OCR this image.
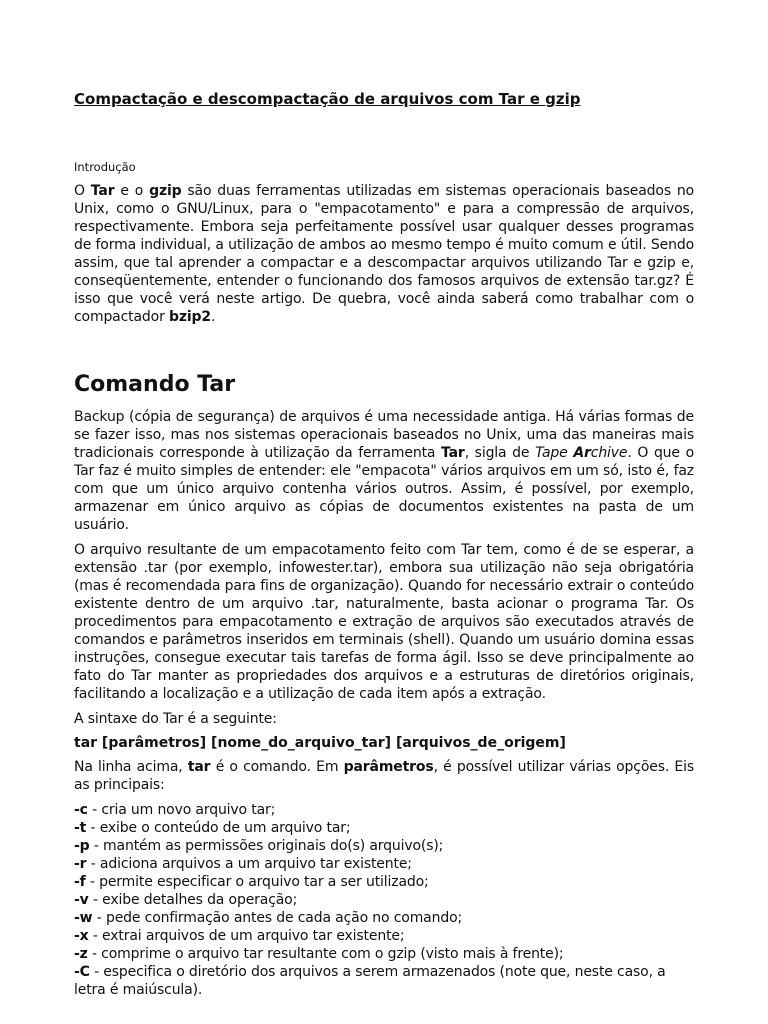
Compactação e descompactação de arquivos com Tar e gzip
Introdução

O Tar e o gzip são duas ferramentas utilizadas em sistemas operacionais baseados no Unix, como o GNU/Linux, para o "empacotamento" e para a compressão de arquivos, respectivamente. Embora seja perfeitamente possível usar qualquer desses programas de forma individual, a utilização de ambos ao mesmo tempo é muito comum e útil. Sendo assim, que tal aprender a compactar e a descompactar arquivos utilizando Tar e gzip e, conseqüentemente, entender o funcionando dos famosos arquivos de extensão tar.gz? É isso que você verá neste artigo. De quebra, você ainda saberá como trabalhar com o compactador bzip2.

Comando Tar

Backup (cópia de segurança) de arquivos é uma necessidade antiga. Há várias formas de se fazer isso, mas nos sistemas operacionais baseados no Unix, uma das maneiras mais tradicionais corresponde à utilização da ferramenta Tar, sigla de Tape Archive. O que o Tar faz é muito simples de entender: ele "empacota" vários arquivos em um só, isto é, faz com que um único arquivo contenha vários outros. Assim, é possível, por exemplo, armazenar em único arquivo as cópias de documentos existentes na pasta de um usuário.

O arquivo resultante de um empacotamento feito com Tar tem, como é de se esperar, a extensão .tar (por exemplo, infowester.tar), embora sua utilização não seja obrigatória (mas é recomendada para fins de organização). Quando for necessário extrair o conteúdo existente dentro de um arquivo .tar, naturalmente, basta acionar o programa Tar. Os procedimentos para empacotamento e extração de arquivos são executados através de comandos e parâmetros inseridos em terminais (shell). Quando um usuário domina essas instruções, consegue executar tais tarefas de forma ágil. Isso se deve principalmente ao fato do Tar manter as propriedades dos arquivos e a estruturas de diretórios originais, facilitando a localização e a utilização de cada item após a extração.

A sintaxe do Tar é a seguinte:

tar [parâmetros] [nome_do_arquivo_tar] [arquivos_de_origem]

Na linha acima, tar é o comando. Em parâmetros, é possível utilizar várias opções. Eis as principais:

-c - cria um novo arquivo tar;
-t - exibe o conteúdo de um arquivo tar;
-p - mantém as permissões originais do(s) arquivo(s);
-r - adiciona arquivos a um arquivo tar existente;
-f - permite especificar o arquivo tar a ser utilizado;
-v - exibe detalhes da operação;
-w - pede confirmação antes de cada ação no comando;
-x - extrai arquivos de um arquivo tar existente;
-z - comprime o arquivo tar resultante com o gzip (visto mais à frente);
-C - especifica o diretório dos arquivos a serem armazenados (note que, neste caso, a letra é maiúscula).
